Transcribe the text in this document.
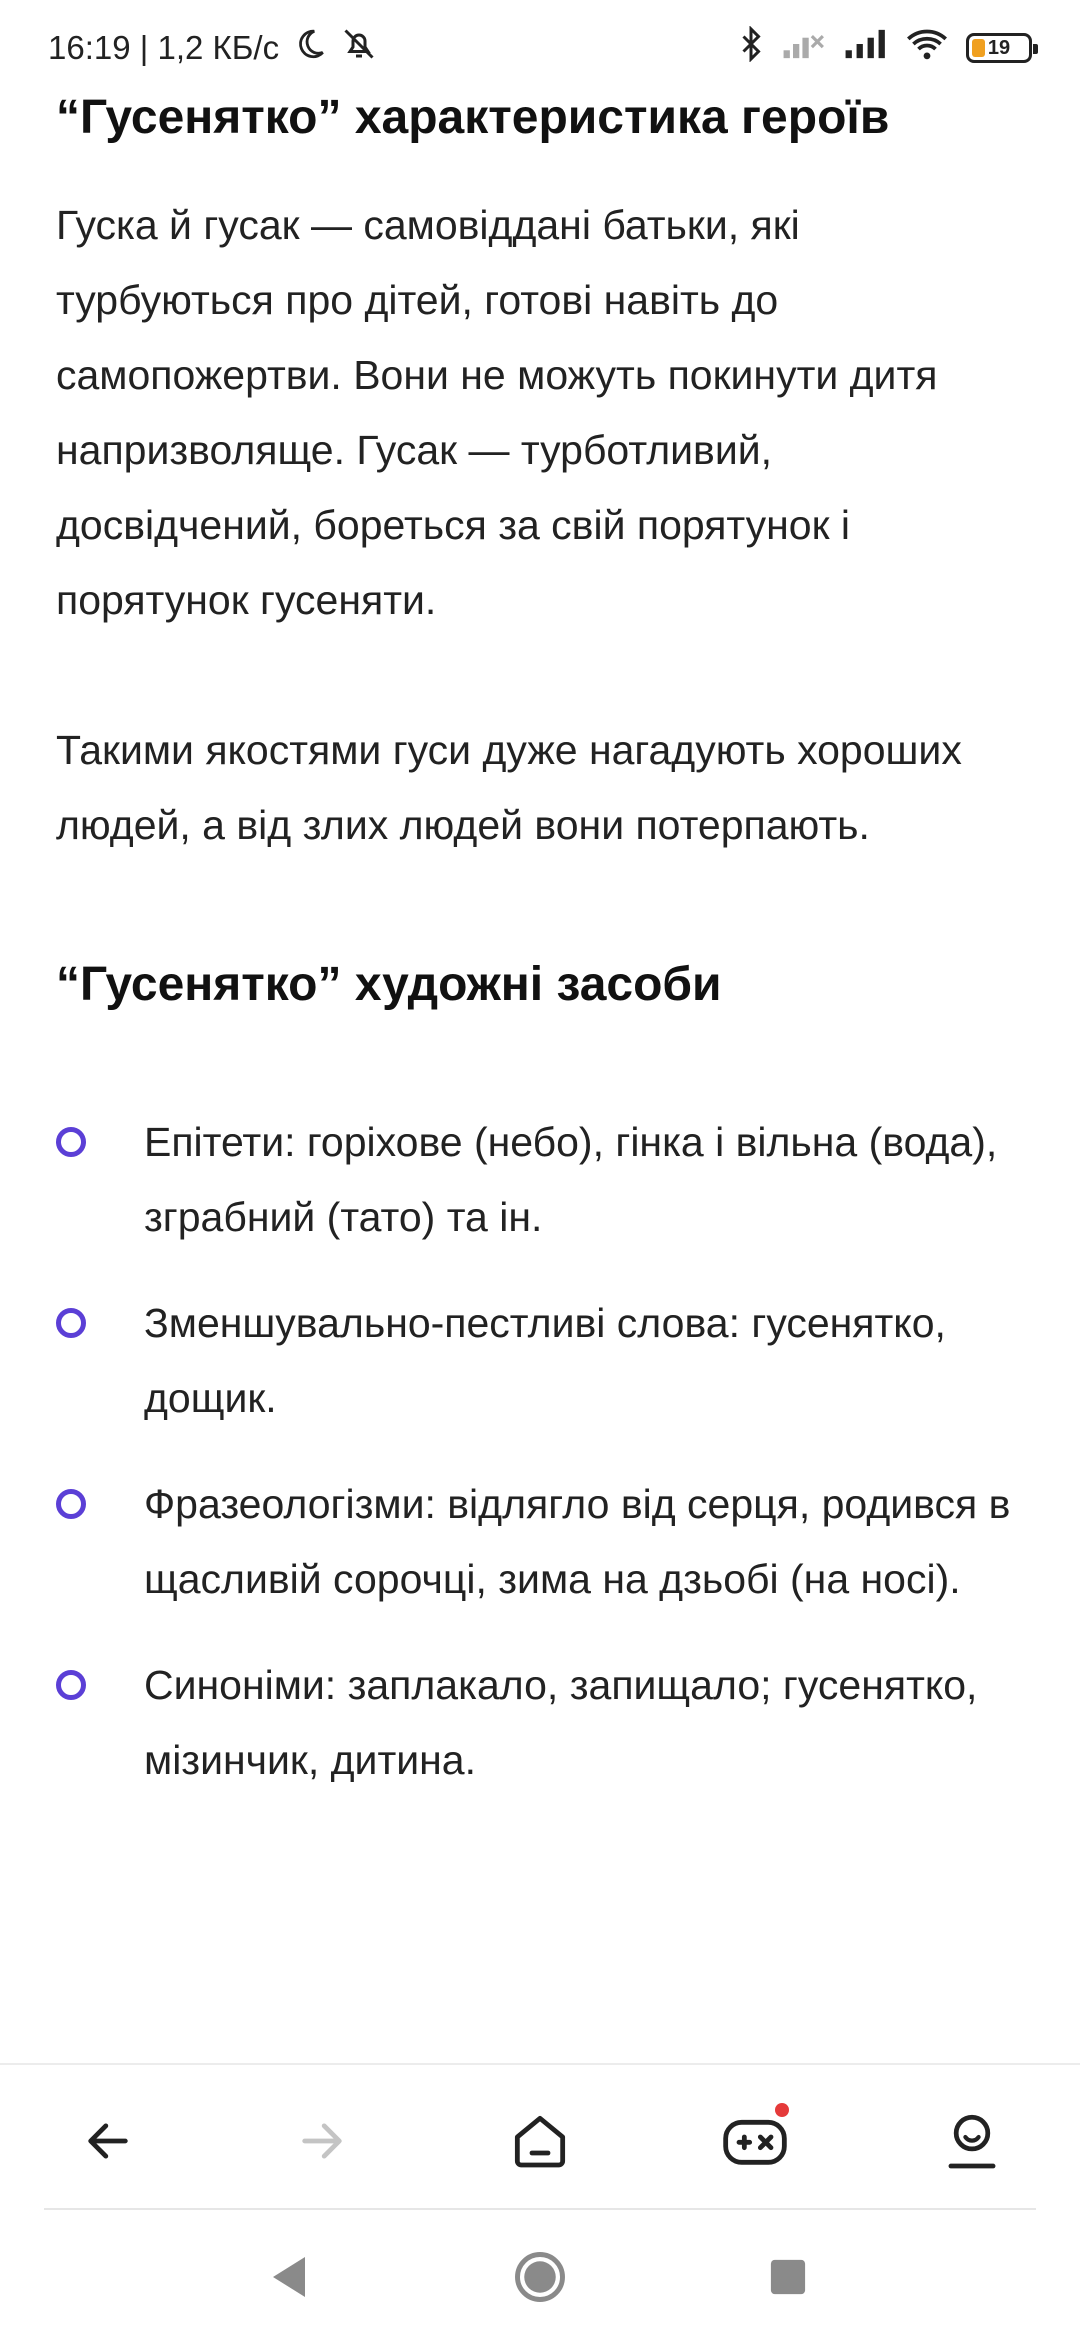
16:19 | 1,2 КБ/с	19
“Гусенятко” характеристика героїв

Гуска й гусак — самовіддані батьки, які турбуються про дітей, готові навіть до самопожертви. Вони не можуть покинути дитя напризволяще. Гусак — турботливий, досвідчений, бореться за свій порятунок і порятунок гусеняти.

Такими якостями гуси дуже нагадують хороших людей, а від злих людей вони потерпають.

“Гусенятко” художні засоби
Епітети: горіхове (небо), гінка і вільна (вода), зграбний (тато) та ін.
Зменшувально-пестливі слова: гусенятко, дощик.
Фразеологізми: відлягло від серця, родився в щасливій сорочці, зима на дзьобі (на носі).
Синоніми: заплакало, запищало; гусенятко, мізинчик, дитина.
